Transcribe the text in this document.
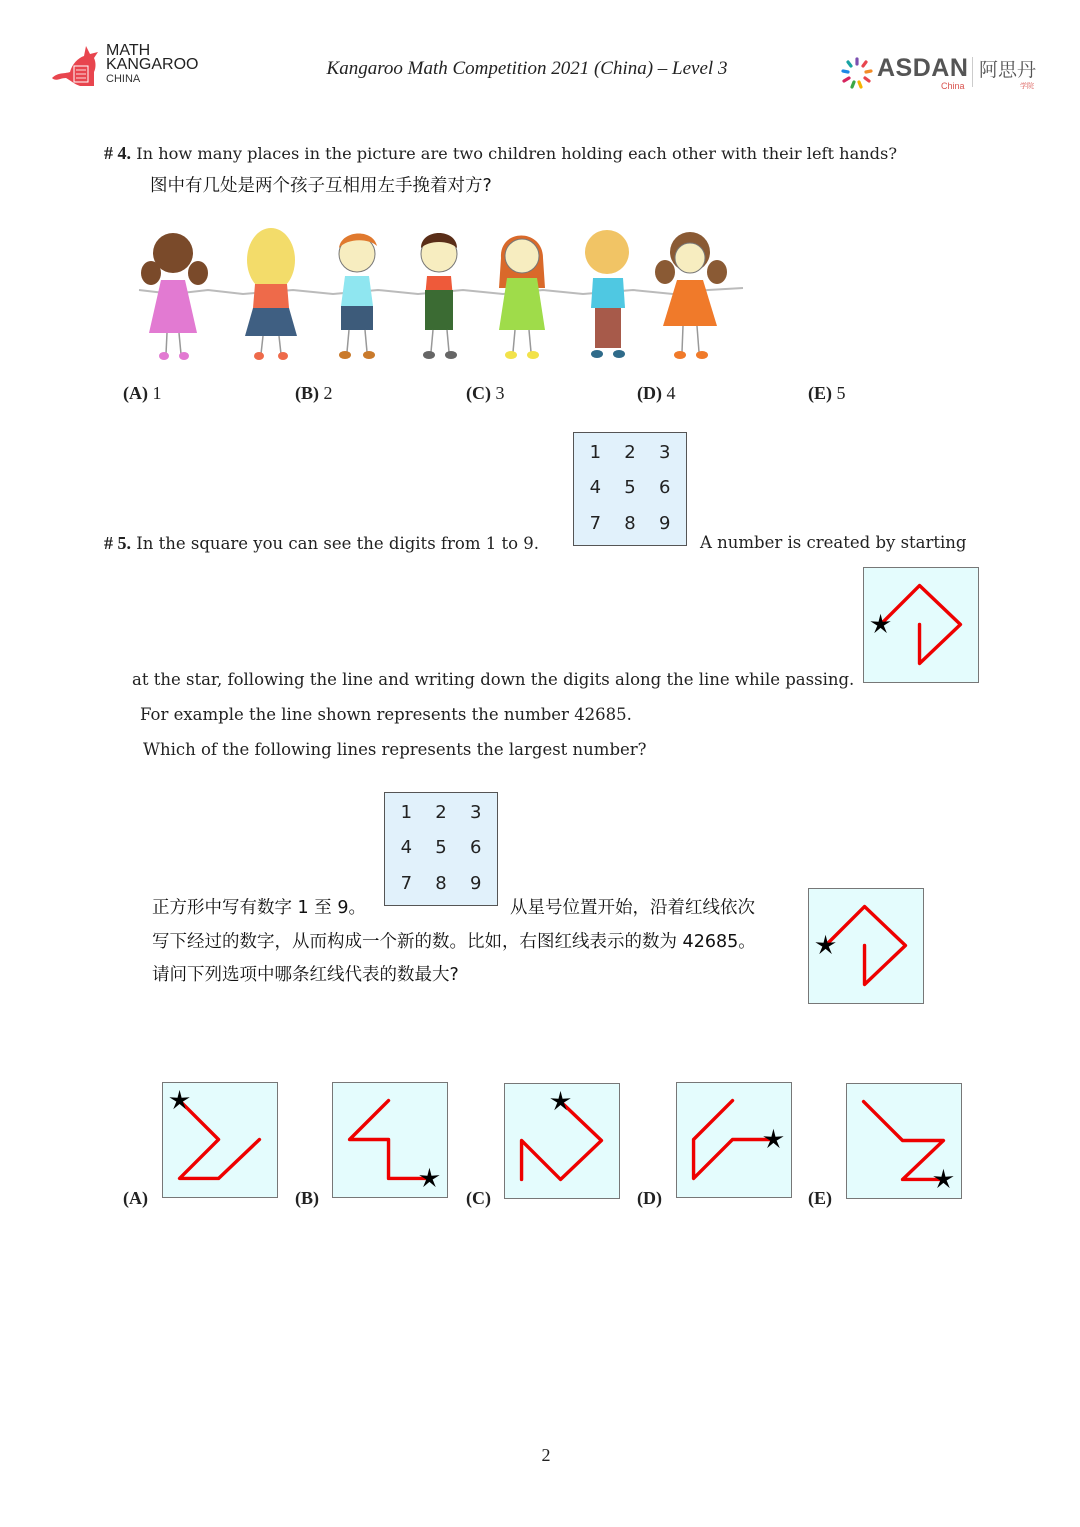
MATH
KANGAROO
CHINA	Kangaroo Math Competition 2021 (China) – Level 3	ASDAN
China
阿思丹
学院
# 4. In how many places in the picture are two children holding each other with their left hands?
图中有几处是两个孩子互相用左手挽着对方?
(A) 1	(B) 2	(C) 3	(D) 4	(E) 5
# 5. In the square you can see the digits from 1 to 9.
1	2	3
4	5	6
7	8	9
A number is created by starting
at the star, following the line and writing down the digits along the line while passing.
For example the line shown represents the number 42685.
Which of the following lines represents the largest number?
1	2	3
4	5	6
7	8	9
正方形中写有数字 1 至 9。	从星号位置开始，沿着红线依次
写下经过的数字，从而构成一个新的数。比如，右图红线表示的数为 42685。
请问下列选项中哪条红线代表的数最大?
(A)	(B)	(C)	(D)	(E)
2
